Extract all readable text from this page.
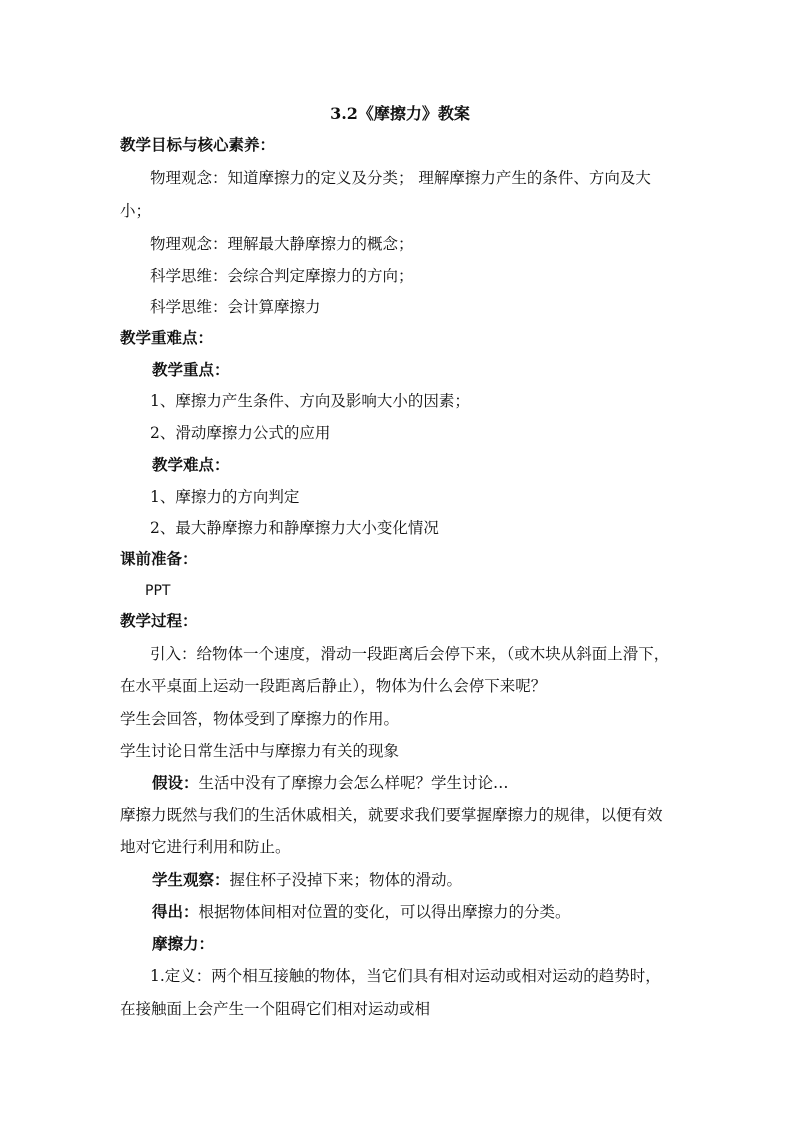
3.2《摩擦力》教案
教学目标与核心素养：
物理观念：知道摩擦力的定义及分类； 理解摩擦力产生的条件、方向及大
小；
物理观念：理解最大静摩擦力的概念；
科学思维：会综合判定摩擦力的方向；
科学思维：会计算摩擦力
教学重难点：
教学重点：
1、摩擦力产生条件、方向及影响大小的因素；
2、滑动摩擦力公式的应用
教学难点：
1、摩擦力的方向判定
2、最大静摩擦力和静摩擦力大小变化情况
课前准备：
PPT
教学过程：
引入：给物体一个速度，滑动一段距离后会停下来，（或木块从斜面上滑下，
在水平桌面上运动一段距离后静止），物体为什么会停下来呢？
学生会回答，物体受到了摩擦力的作用。
学生讨论日常生活中与摩擦力有关的现象
假设：生活中没有了摩擦力会怎么样呢？学生讨论…
摩擦力既然与我们的生活休戚相关，就要求我们要掌握摩擦力的规律，以便有效
地对它进行利用和防止。
学生观察：握住杯子没掉下来；物体的滑动。
得出：根据物体间相对位置的变化，可以得出摩擦力的分类。
摩擦力：
1.定义：两个相互接触的物体，当它们具有相对运动或相对运动的趋势时，
在接触面上会产生一个阻碍它们相对运动或相
